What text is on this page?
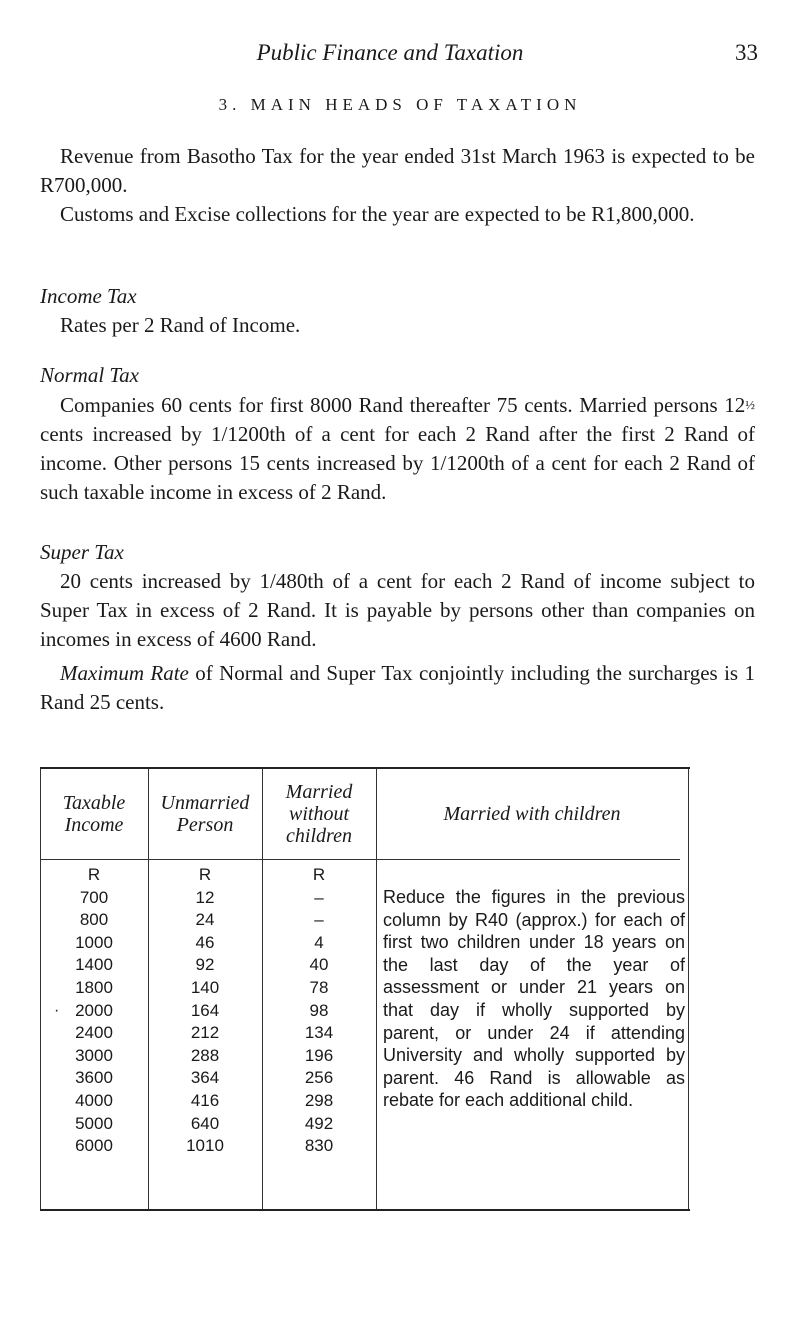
Public Finance and Taxation	33
3. MAIN HEADS OF TAXATION

Revenue from Basotho Tax for the year ended 31st March 1963 is expected to be R700,000.

Customs and Excise collections for the year are expected to be R1,800,000.

Income Tax

Rates per 2 Rand of Income.

Normal Tax

Companies 60 cents for first 8000 Rand thereafter 75 cents. Married persons 12½ cents increased by 1/1200th of a cent for each 2 Rand after the first 2 Rand of income. Other persons 15 cents increased by 1/1200th of a cent for each 2 Rand of such taxable income in excess of 2 Rand.

Super Tax

20 cents increased by 1/480th of a cent for each 2 Rand of income subject to Super Tax in excess of 2 Rand. It is payable by persons other than companies on incomes in excess of 4600 Rand.

Maximum Rate of Normal and Super Tax conjointly including the surcharges is 1 Rand 25 cents.

Taxable Income
Unmarried Person
Married without children
Married with children
R
700
800
1000
1400
1800
2000
2400
3000
3600
4000
5000
6000
·
R
12
24
46
92
140
164
212
288
364
416
640
1010
R
–
–
4
40
78
98
134
196
256
298
492
830
Reduce the figures in the previous column by R40 (approx.) for each of first two children under 18 years on the last day of the year of assessment or under 21 years on that day if wholly supported by parent, or under 24 if attending University and wholly supported by parent. 46 Rand is allowable as rebate for each additional child.
